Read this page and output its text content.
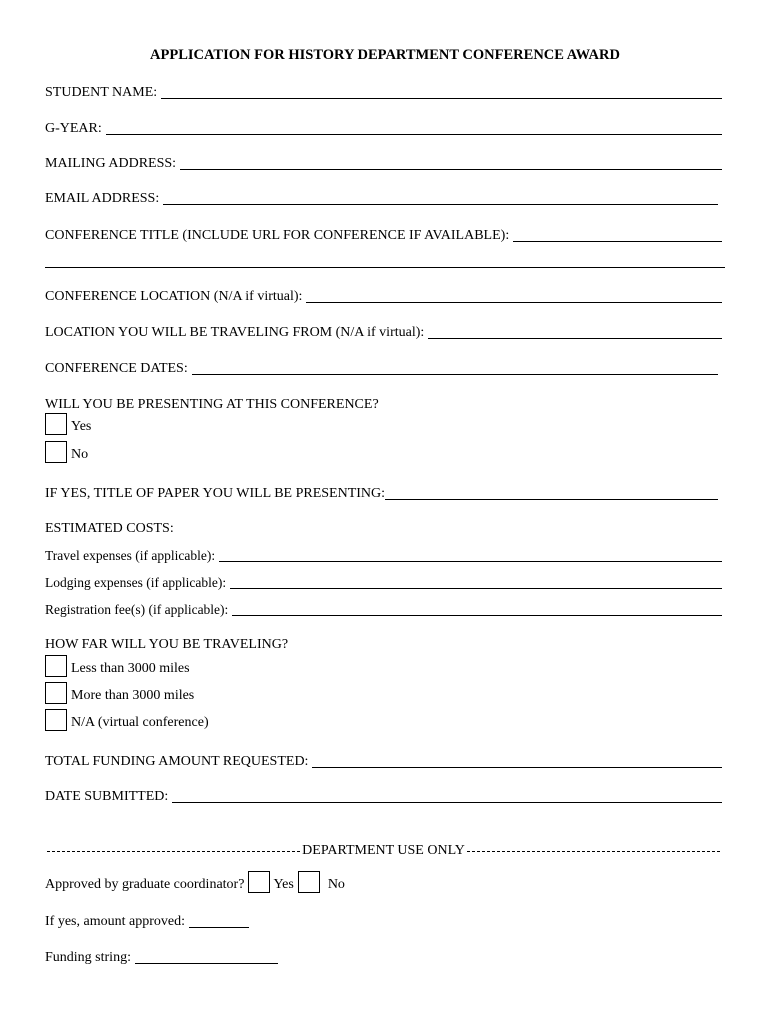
APPLICATION FOR HISTORY DEPARTMENT CONFERENCE AWARD
STUDENT NAME:
G-YEAR:
MAILING ADDRESS:
EMAIL ADDRESS:
CONFERENCE TITLE (INCLUDE URL FOR CONFERENCE IF AVAILABLE):
CONFERENCE LOCATION (N/A if virtual):
LOCATION YOU WILL BE TRAVELING FROM (N/A if virtual):
CONFERENCE DATES:
WILL YOU BE PRESENTING AT THIS CONFERENCE?
Yes
No
IF YES, TITLE OF PAPER YOU WILL BE PRESENTING:
ESTIMATED COSTS:
Travel expenses (if applicable):
Lodging expenses (if applicable):
Registration fee(s) (if applicable):
HOW FAR WILL YOU BE TRAVELING?
Less than 3000 miles
More than 3000 miles
N/A (virtual conference)
TOTAL FUNDING AMOUNT REQUESTED:
DATE SUBMITTED:
DEPARTMENT USE ONLY
Approved by graduate coordinator? Yes No
If yes, amount approved:
Funding string:
